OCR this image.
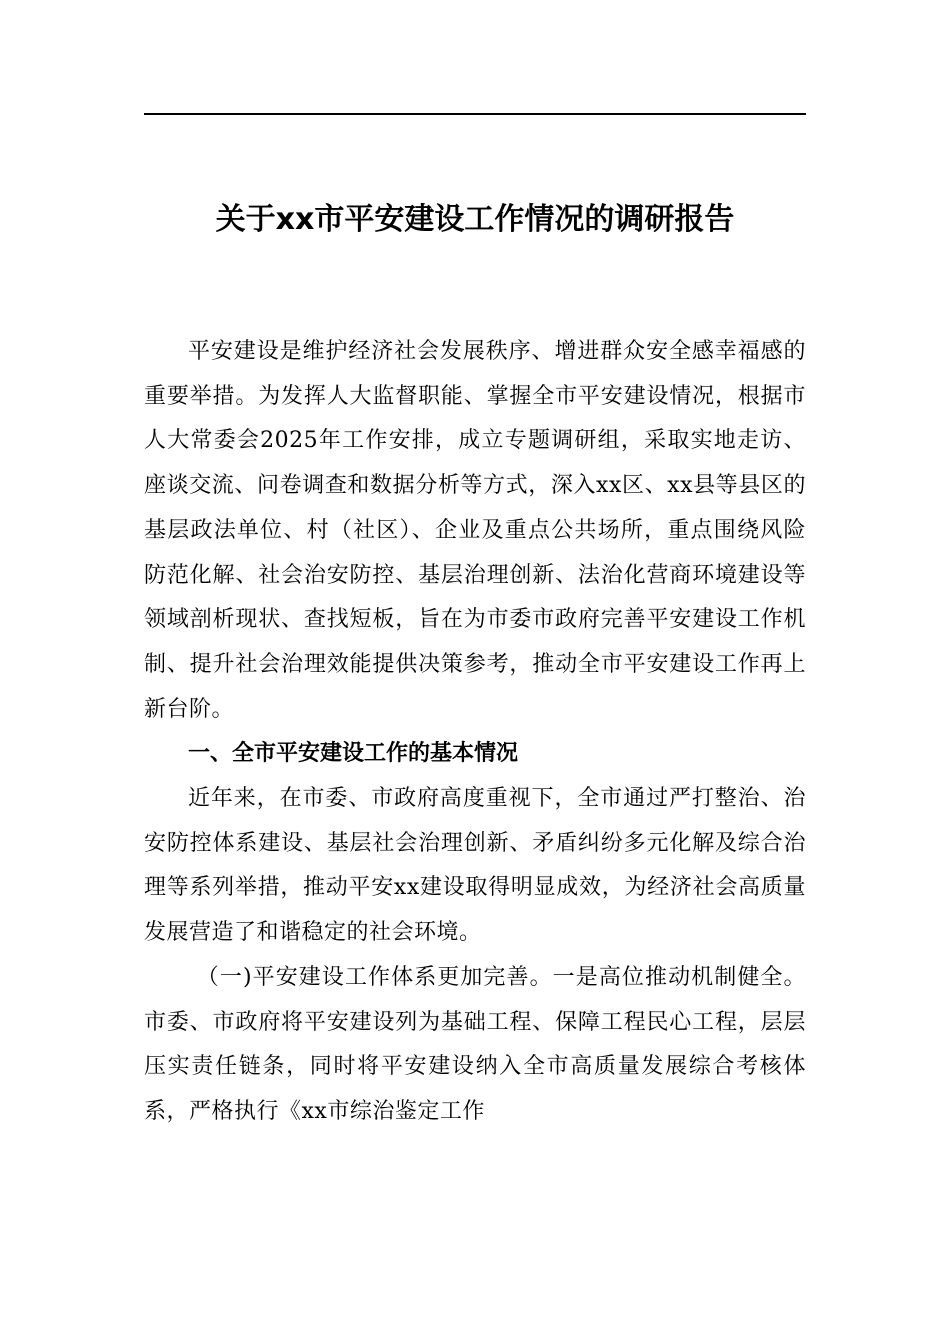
关于xx市平安建设工作情况的调研报告

平安建设是维护经济社会发展秩序、增进群众安全感幸福感的重要举措。为发挥人大监督职能、掌握全市平安建设情况，根据市人大常委会2025年工作安排，成立专题调研组，采取实地走访、座谈交流、问卷调查和数据分析等方式，深入xx区、xx县等县区的基层政法单位、村（社区）、企业及重点公共场所，重点围绕风险防范化解、社会治安防控、基层治理创新、法治化营商环境建设等领域剖析现状、查找短板，旨在为市委市政府完善平安建设工作机制、提升社会治理效能提供决策参考，推动全市平安建设工作再上新台阶。

一、全市平安建设工作的基本情况

近年来，在市委、市政府高度重视下，全市通过严打整治、治安防控体系建设、基层社会治理创新、矛盾纠纷多元化解及综合治理等系列举措，推动平安xx建设取得明显成效，为经济社会高质量发展营造了和谐稳定的社会环境。

（一)平安建设工作体系更加完善。一是高位推动机制健全。市委、市政府将平安建设列为基础工程、保障工程民心工程，层层压实责任链条，同时将平安建设纳入全市高质量发展综合考核体系，严格执行《xx市综治鉴定工作
